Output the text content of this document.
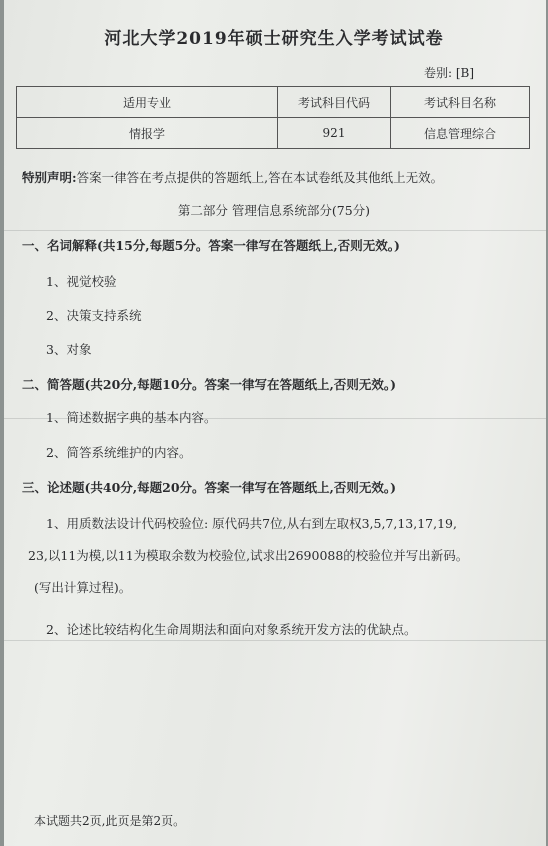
河北大学2019年硕士研究生入学考试试卷
卷别: [B]
适用专业	考试科目代码	考试科目名称
情报学	921	信息管理综合
特别声明:答案一律答在考点提供的答题纸上,答在本试卷纸及其他纸上无效。
第二部分 管理信息系统部分(75分)
一、名词解释(共15分,每题5分。答案一律写在答题纸上,否则无效。)
1、视觉校验
2、决策支持系统
3、对象
二、简答题(共20分,每题10分。答案一律写在答题纸上,否则无效。)
1、简述数据字典的基本内容。
2、简答系统维护的内容。
三、论述题(共40分,每题20分。答案一律写在答题纸上,否则无效。)
1、用质数法设计代码校验位: 原代码共7位,从右到左取权3,5,7,13,17,19,
23,以11为模,以11为模取余数为校验位,试求出2690088的校验位并写出新码。
(写出计算过程)。
2、论述比较结构化生命周期法和面向对象系统开发方法的优缺点。
本试题共2页,此页是第2页。
